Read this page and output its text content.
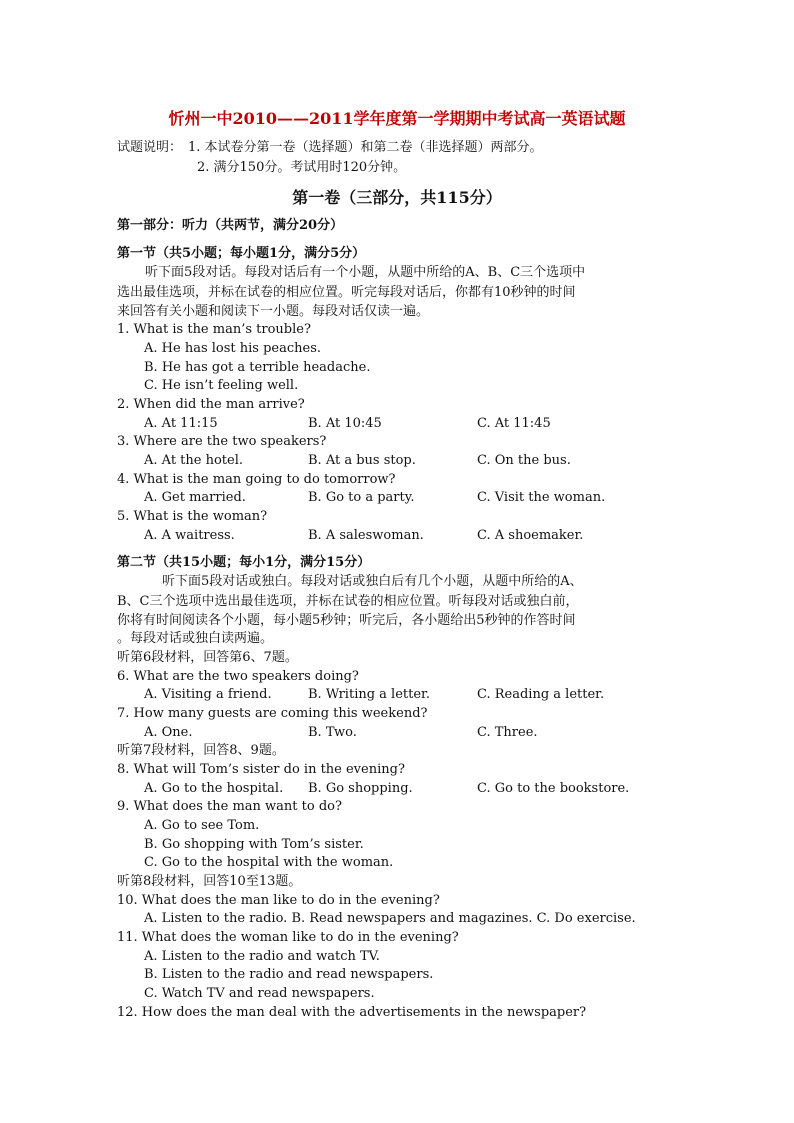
忻州一中2010——2011学年度第一学期期中考试高一英语试题
试题说明： 1. 本试卷分第一卷（选择题）和第二卷（非选择题）两部分。
2. 满分150分。考试用时120分钟。
第一卷（三部分，共115分）
第一部分：听力（共两节，满分20分）
第一节（共5小题；每小题1分，满分5分）
听下面5段对话。每段对话后有一个小题，从题中所给的A、B、C三个选项中
选出最佳选项，并标在试卷的相应位置。听完每段对话后，你都有10秒钟的时间
来回答有关小题和阅读下一小题。每段对话仅读一遍。
1. What is the man’s trouble?
A. He has lost his peaches.
B. He has got a terrible headache.
C. He isn’t feeling well.
2. When did the man arrive?
A. At 11:15	B. At 10:45	C. At 11:45
3. Where are the two speakers?
A. At the hotel.	B. At a bus stop.	C. On the bus.
4. What is the man going to do tomorrow?
A. Get married.	B. Go to a party.	C. Visit the woman.
5. What is the woman?
A. A waitress.	B. A saleswoman.	C. A shoemaker.
第二节（共15小题；每小1分，满分15分）
听下面5段对话或独白。每段对话或独白后有几个小题，从题中所给的A、
B、C三个选项中选出最佳选项，并标在试卷的相应位置。听每段对话或独白前，
你将有时间阅读各个小题，每小题5秒钟；听完后，各小题给出5秒钟的作答时间
。每段对话或独白读两遍。
听第6段材料，回答第6、7题。
6. What are the two speakers doing?
A. Visiting a friend.	B. Writing a letter.	C. Reading a letter.
7. How many guests are coming this weekend?
A. One.	B. Two.	C. Three.
听第7段材料，回答8、9题。
8. What will Tom’s sister do in the evening?
A. Go to the hospital. B. Go shopping.	C. Go to the bookstore.
9. What does the man want to do?
A. Go to see Tom.
B. Go shopping with Tom’s sister.
C. Go to the hospital with the woman.
听第8段材料，回答10至13题。
10. What does the man like to do in the evening?
A. Listen to the radio. B. Read newspapers and magazines. C. Do exercise.
11. What does the woman like to do in the evening?
A. Listen to the radio and watch TV.
B. Listen to the radio and read newspapers.
C. Watch TV and read newspapers.
12. How does the man deal with the advertisements in the newspaper?
